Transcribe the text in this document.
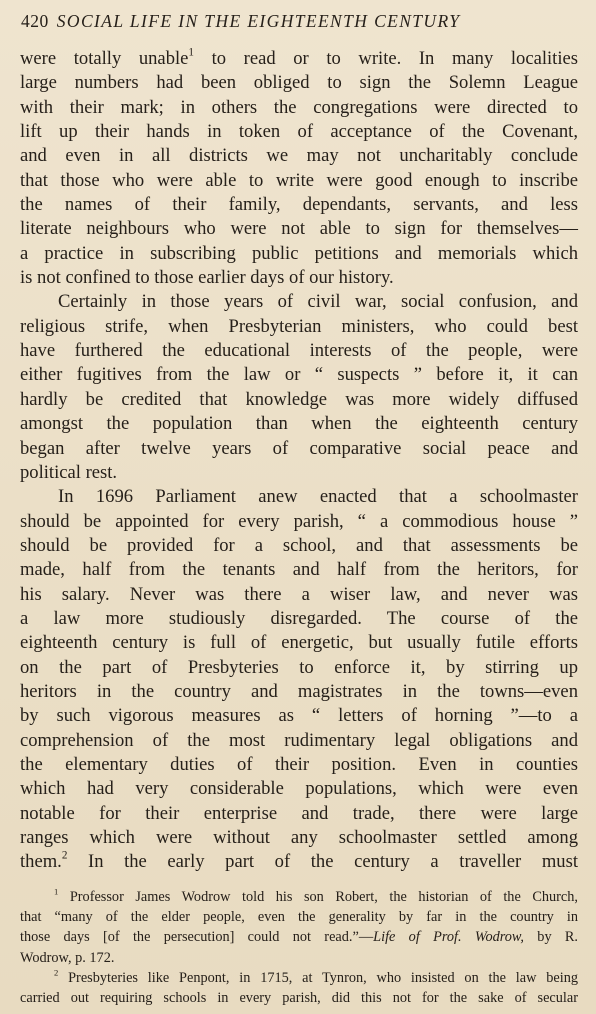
420 SOCIAL LIFE IN THE EIGHTEENTH CENTURY
were totally unable$^1$ to read or to write. In many localities
large numbers had been obliged to sign the Solemn League
with their mark; in others the congregations were directed to
lift up their hands in token of acceptance of the Covenant,
and even in all districts we may not uncharitably conclude
that those who were able to write were good enough to inscribe
the names of their family, dependants, servants, and less
literate neighbours who were not able to sign for themselves—
a practice in subscribing public petitions and memorials which
is not confined to those earlier days of our history.
Certainly in those years of civil war, social confusion, and
religious strife, when Presbyterian ministers, who could best
have furthered the educational interests of the people, were
either fugitives from the law or “ suspects ” before it, it can
hardly be credited that knowledge was more widely diffused
amongst the population than when the eighteenth century
began after twelve years of comparative social peace and
political rest.
In 1696 Parliament anew enacted that a schoolmaster
should be appointed for every parish, “ a commodious house ”
should be provided for a school, and that assessments be
made, half from the tenants and half from the heritors, for
his salary. Never was there a wiser law, and never was
a law more studiously disregarded. The course of the
eighteenth century is full of energetic, but usually futile efforts
on the part of Presbyteries to enforce it, by stirring up
heritors in the country and magistrates in the towns—even
by such vigorous measures as “ letters of horning ”—to a
comprehension of the most rudimentary legal obligations and
the elementary duties of their position. Even in counties
which had very considerable populations, which were even
notable for their enterprise and trade, there were large
ranges which were without any schoolmaster settled among
them.$^2$ In the early part of the century a traveller must
$^1$ Professor James Wodrow told his son Robert, the historian of the Church,
that “many of the elder people, even the generality by far in the country in
those days [of the persecution] could not read.”—Life of Prof. Wodrow, by R.
Wodrow, p. 172.
$^2$ Presbyteries like Penpont, in 1715, at Tynron, who insisted on the law being
carried out requiring schools in every parish, did this not for the sake of secular
